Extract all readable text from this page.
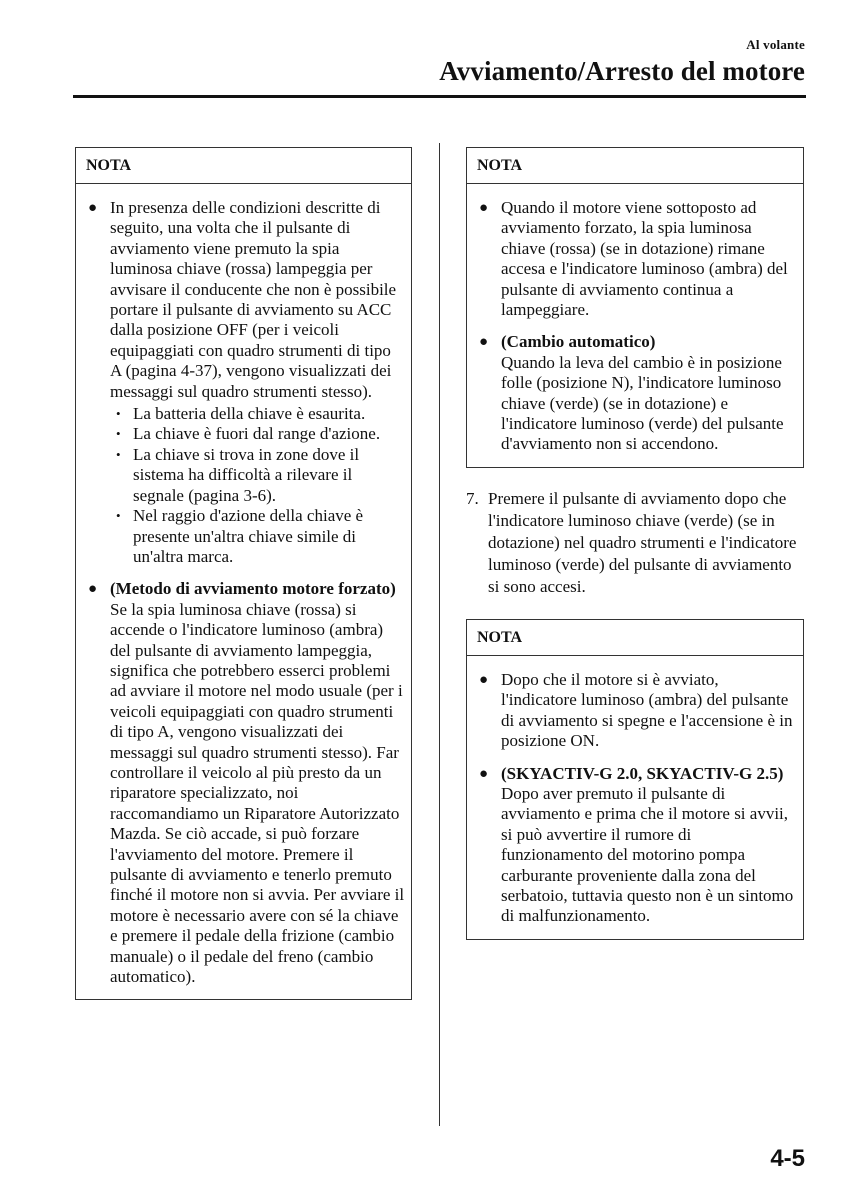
Al volante
Avviamento/Arresto del motore
NOTA
● In presenza delle condizioni descritte di seguito, una volta che il pulsante di avviamento viene premuto la spia luminosa chiave (rossa) lampeggia per avvisare il conducente che non è possibile portare il pulsante di avviamento su ACC dalla posizione OFF (per i veicoli equipaggiati con quadro strumenti di tipo A (pagina 4-37), vengono visualizzati dei messaggi sul quadro strumenti stesso).
• La batteria della chiave è esaurita.
• La chiave è fuori dal range d'azione.
• La chiave si trova in zone dove il sistema ha difficoltà a rilevare il segnale (pagina 3-6).
• Nel raggio d'azione della chiave è presente un'altra chiave simile di un'altra marca.
● (Metodo di avviamento motore forzato)
Se la spia luminosa chiave (rossa) si accende o l'indicatore luminoso (ambra) del pulsante di avviamento lampeggia, significa che potrebbero esserci problemi ad avviare il motore nel modo usuale (per i veicoli equipaggiati con quadro strumenti di tipo A, vengono visualizzati dei messaggi sul quadro strumenti stesso). Far controllare il veicolo al più presto da un riparatore specializzato, noi raccomandiamo un Riparatore Autorizzato Mazda. Se ciò accade, si può forzare l'avviamento del motore. Premere il pulsante di avviamento e tenerlo premuto finché il motore non si avvia. Per avviare il motore è necessario avere con sé la chiave e premere il pedale della frizione (cambio manuale) o il pedale del freno (cambio automatico).
NOTA
● Quando il motore viene sottoposto ad avviamento forzato, la spia luminosa chiave (rossa) (se in dotazione) rimane accesa e l'indicatore luminoso (ambra) del pulsante di avviamento continua a lampeggiare.
● (Cambio automatico)
Quando la leva del cambio è in posizione folle (posizione N), l'indicatore luminoso chiave (verde) (se in dotazione) e l'indicatore luminoso (verde) del pulsante d'avviamento non si accendono.
7. Premere il pulsante di avviamento dopo che l'indicatore luminoso chiave (verde) (se in dotazione) nel quadro strumenti e l'indicatore luminoso (verde) del pulsante di avviamento si sono accesi.
NOTA
● Dopo che il motore si è avviato, l'indicatore luminoso (ambra) del pulsante di avviamento si spegne e l'accensione è in posizione ON.
● (SKYACTIV-G 2.0, SKYACTIV-G 2.5)
Dopo aver premuto il pulsante di avviamento e prima che il motore si avvii, si può avvertire il rumore di funzionamento del motorino pompa carburante proveniente dalla zona del serbatoio, tuttavia questo non è un sintomo di malfunzionamento.
4-5
